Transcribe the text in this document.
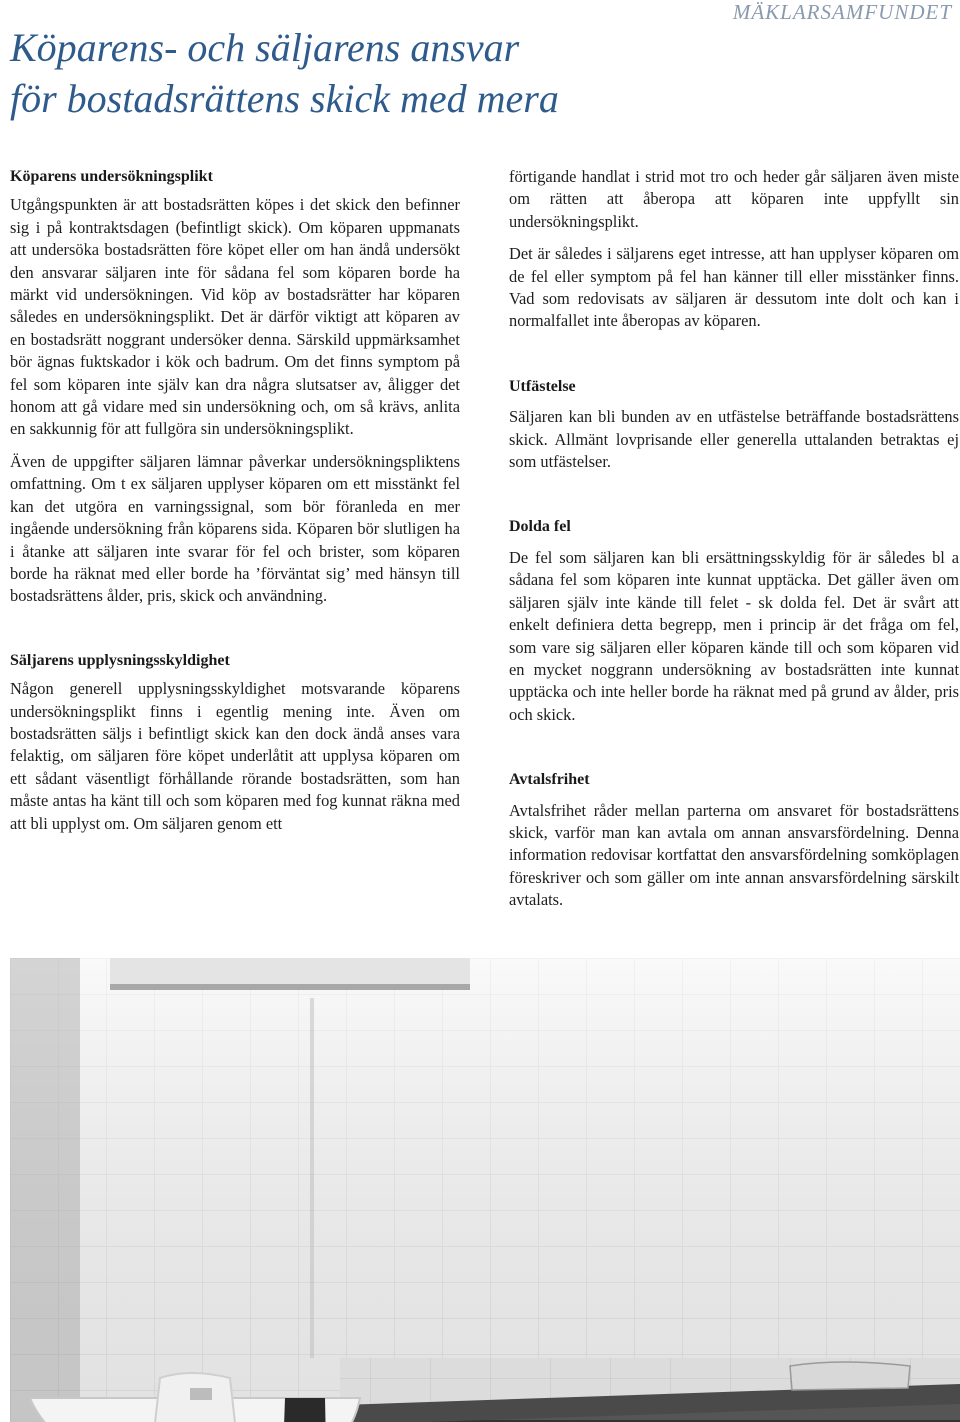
MÄKLARSAMFUNDET
Köparens- och säljarens ansvar
för bostadsrättens skick med mera
Köparens undersökningsplikt

Utgångspunkten är att bostadsrätten köpes i det skick den befinner sig i på kontraktsdagen (befintligt skick). Om köparen uppmanats att undersöka bostadsrätten före köpet eller om han ändå undersökt den ansvarar säljaren inte för sådana fel som köparen borde ha märkt vid undersökningen. Vid köp av bostadsrätter har köparen således en undersökningsplikt. Det är därför viktigt att köparen av en bostadsrätt noggrant undersöker denna. Särskild uppmärksamhet bör ägnas fuktskador i kök och badrum. Om det finns symptom på fel som köparen inte själv kan dra några slutsatser av, åligger det honom att gå vidare med sin undersökning och, om så krävs, anlita en sakkunnig för att fullgöra sin undersökningsplikt.

Även de uppgifter säljaren lämnar påverkar undersökningspliktens omfattning. Om t ex säljaren upplyser köparen om ett misstänkt fel kan det utgöra en varningssignal, som bör föranleda en mer ingående undersökning från köparens sida. Köparen bör slutligen ha i åtanke att säljaren inte svarar för fel och brister, som köparen borde ha räknat med eller borde ha ’förväntat sig’ med hänsyn till bostadsrättens ålder, pris, skick och användning.

Säljarens upplysningsskyldighet

Någon generell upplysningsskyldighet motsvarande köparens undersökningsplikt finns i egentlig mening inte. Även om bostadsrätten säljs i befintligt skick kan den dock ändå anses vara felaktig, om säljaren före köpet underlåtit att upplysa köparen om ett sådant väsentligt förhållande rörande bostadsrätten, som han måste antas ha känt till och som köparen med fog kunnat räkna med att bli upplyst om. Om säljaren genom ett

förtigande handlat i strid mot tro och heder går säljaren även miste om rätten att åberopa att köparen inte uppfyllt sin undersökningsplikt.

Det är således i säljarens eget intresse, att han upplyser köparen om de fel eller symptom på fel han känner till eller misstänker finns. Vad som redovisats av säljaren är dessutom inte dolt och kan i normalfallet inte åberopas av köparen.

Utfästelse

Säljaren kan bli bunden av en utfästelse beträffande bostadsrättens skick. Allmänt lovprisande eller generella uttalanden betraktas ej som utfästelser.

Dolda fel

De fel som säljaren kan bli ersättningsskyldig för är således bl a sådana fel som köparen inte kunnat upptäcka. Det gäller även om säljaren själv inte kände till felet - sk dolda fel. Det är svårt att enkelt definiera detta begrepp, men i princip är det fråga om fel, som vare sig säljaren eller köparen kände till och som köparen vid en mycket noggrann undersökning av bostadsrätten inte kunnat upptäcka och inte heller borde ha räknat med på grund av ålder, pris och skick.

Avtalsfrihet

Avtalsfrihet råder mellan parterna om ansvaret för bostadsrättens skick, varför man kan avtala om annan ansvarsfördelning. Denna information redovisar kortfattat den ansvarsfördelning somköplagen föreskriver och som gäller om inte annan ansvarsfördelning särskilt avtalats.
